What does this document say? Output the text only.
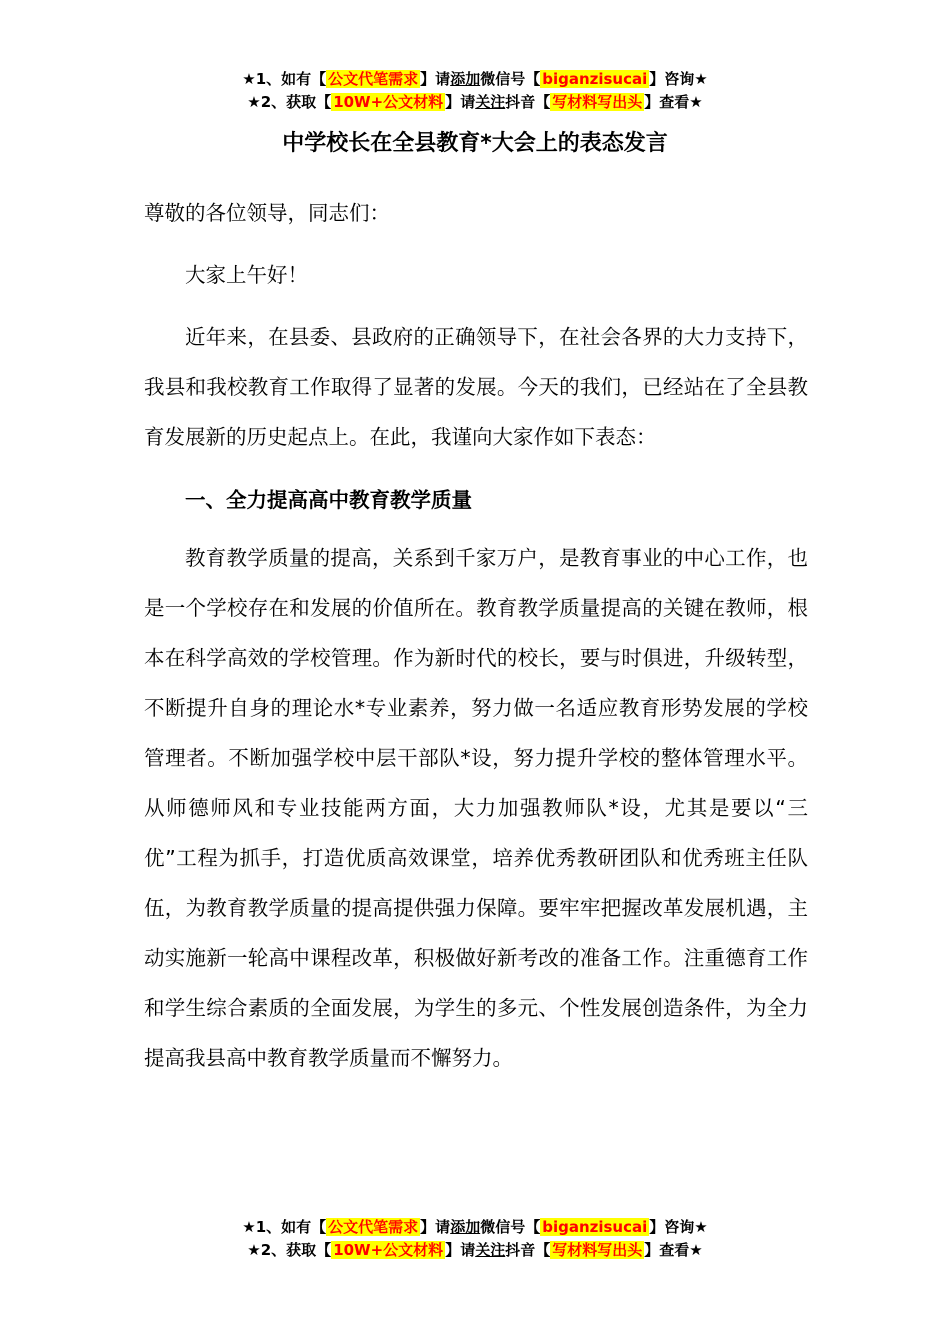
★1、如有【 公文代笔需求 】请添加微信号【 biganzisucai 】咨询★
★2、获取【 10W+公文材料 】请关注抖音【 写材料写出头 】查看★
中学校长在全县教育*大会上的表态发言

尊敬的各位领导，同志们：

大家上午好！

近年来，在县委、县政府的正确领导下，在社会各界的大力支持下，我县和我校教育工作取得了显著的发展。今天的我们，已经站在了全县教育发展新的历史起点上。在此，我谨向大家作如下表态：

一、全力提高高中教育教学质量

教育教学质量的提高，关系到千家万户，是教育事业的中心工作，也是一个学校存在和发展的价值所在。教育教学质量提高的关键在教师，根本在科学高效的学校管理。作为新时代的校长，要与时俱进，升级转型，不断提升自身的理论水*专业素养，努力做一名适应教育形势发展的学校管理者。不断加强学校中层干部队*设，努力提升学校的整体管理水平。从师德师风和专业技能两方面，大力加强教师队*设，尤其是要以“三优”工程为抓手，打造优质高效课堂，培养优秀教研团队和优秀班主任队伍，为教育教学质量的提高提供强力保障。要牢牢把握改革发展机遇，主动实施新一轮高中课程改革，积极做好新考改的准备工作。注重德育工作和学生综合素质的全面发展，为学生的多元、个性发展创造条件，为全力提高我县高中教育教学质量而不懈努力。

★1、如有【 公文代笔需求 】请添加微信号【 biganzisucai 】咨询★
★2、获取【 10W+公文材料 】请关注抖音【 写材料写出头 】查看★
